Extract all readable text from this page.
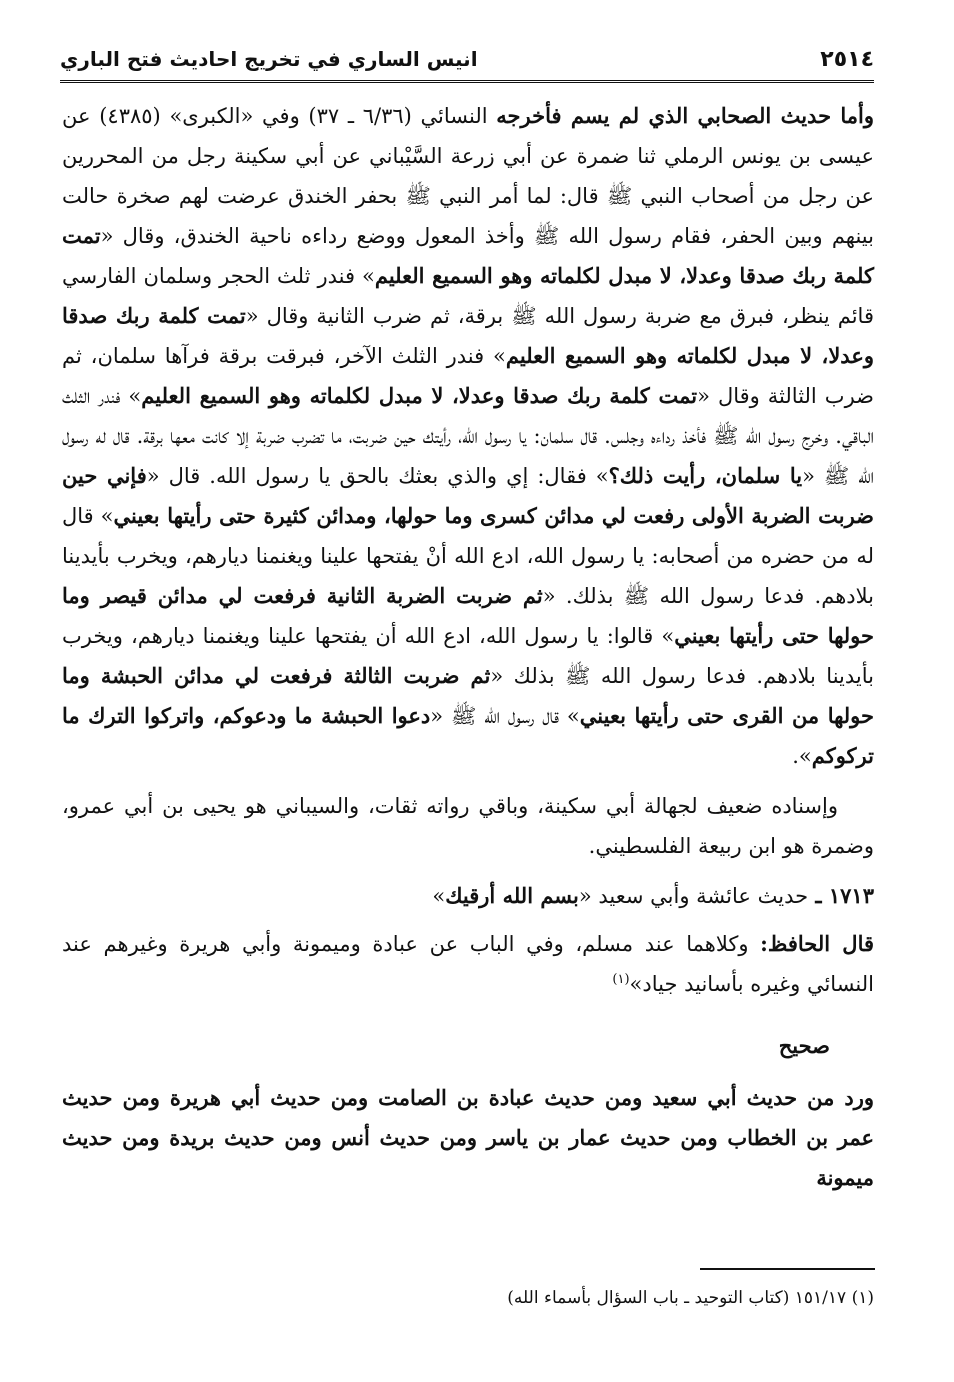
٢٥١٤
انيس الساري في تخريج احاديث فتح الباري

وأما حديث الصحابي الذي لم يسم فأخرجه النسائي (٦/٣٦ ـ ٣٧) وفي «الكبرى» (٤٣٨٥) عن عيسى بن يونس الرملي ثنا ضمرة عن أبي زرعة السَّيْباني عن أبي سكينة رجل من المحررين عن رجل من أصحاب النبي ﷺ قال: لما أمر النبي ﷺ بحفر الخندق عرضت لهم صخرة حالت بينهم وبين الحفر، فقام رسول الله ﷺ وأخذ المعول ووضع رداءه ناحية الخندق، وقال «تمت كلمة ربك صدقا وعدلا، لا مبدل لكلماته وهو السميع العليم» فندر ثلث الحجر وسلمان الفارسي قائم ينظر، فبرق مع ضربة رسول الله ﷺ برقة، ثم ضرب الثانية وقال «تمت كلمة ربك صدقا وعدلا، لا مبدل لكلماته وهو السميع العليم» فندر الثلث الآخر، فبرقت برقة فرآها سلمان، ثم ضرب الثالثة وقال «تمت كلمة ربك صدقا وعدلا، لا مبدل لكلماته وهو السميع العليم» فندر الثلث الباقي. وخرج رسول الله ﷺ فأخذ رداءه وجلس. قال سلمان: يا رسول الله، رأيتك حين ضربت، ما تضرب ضربة إلا كانت معها برقة. قال له رسول الله ﷺ «يا سلمان، رأيت ذلك؟» فقال: إي والذي بعثك بالحق يا رسول الله. قال «فإني حين ضربت الضربة الأولى رفعت لي مدائن كسرى وما حولها، ومدائن كثيرة حتى رأيتها بعيني» قال له من حضره من أصحابه: يا رسول الله، ادع الله أنْ يفتحها علينا ويغنمنا ديارهم، ويخرب بأيدينا بلادهم. فدعا رسول الله ﷺ بذلك. «ثم ضربت الضربة الثانية فرفعت لي مدائن قيصر وما حولها حتى رأيتها بعيني» قالوا: يا رسول الله، ادع الله أن يفتحها علينا ويغنمنا ديارهم، ويخرب بأيدينا بلادهم. فدعا رسول الله ﷺ بذلك «ثم ضربت الثالثة فرفعت لي مدائن الحبشة وما حولها من القرى حتى رأيتها بعيني» قال رسول الله ﷺ «دعوا الحبشة ما ودعوكم، واتركوا الترك ما تركوكم».

وإسناده ضعيف لجهالة أبي سكينة، وباقي رواته ثقات، والسيباني هو يحيى بن أبي عمرو، وضمرة هو ابن ربيعة الفلسطيني.

١٧١٣ ـ حديث عائشة وأبي سعيد «بسم الله أرقيك»

قال الحافظ: وكلاهما عند مسلم، وفي الباب عن عبادة وميمونة وأبي هريرة وغيرهم عند النسائي وغيره بأسانيد جياد»$^{(١)}$

صحيح

ورد من حديث أبي سعيد ومن حديث عبادة بن الصامت ومن حديث أبي هريرة ومن حديث عمر بن الخطاب ومن حديث عمار بن ياسر ومن حديث أنس ومن حديث بريدة ومن حديث ميمونة

(١) ١٥١/١٧ (كتاب التوحيد ـ باب السؤال بأسماء الله)
